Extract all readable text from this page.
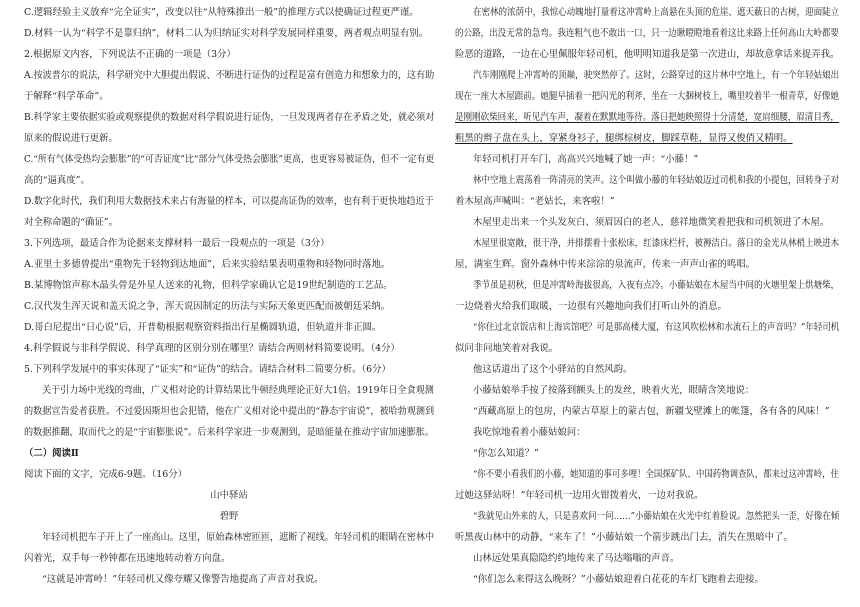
C.逻辑经验主义放弃“完全证实”，改变以往“从特殊推出一般”的推理方式以使确证过程更严谨。
D.材料一认为“科学不是靠归纳”，材料二认为归纳证实对科学发展同样重要，两者观点明显有别。
2.根据原文内容，下列说法不正确的一项是（3分）
A.按波普尔的说法，科学研究中大胆提出假说、不断进行证伪的过程是富有创造力和想象力的，这有助
于解释“科学革命”。
B.科学家主要依据实验或观察提供的数据对科学假说进行证伪，一旦发现两者存在矛盾之处，就必须对
原来的假说进行更新。
C.“所有气体受热均会膨胀”的“可否证度”比“部分气体受热会膨胀”更高，也更容易被证伪，但不一定有更
高的“逼真度”。
D.数字化时代，我们利用大数据技术来占有海量的样本，可以提高证伪的效率，也有利于更快地趋近于
对全称命题的“确证”。
3.下列选项，最适合作为论据来支撑材料一最后一段观点的一项是（3分）
A.亚里士多德曾提出“重物先于轻物到达地面”，后来实验结果表明重物和轻物同时落地。
B.某博物馆声称木晶头骨是外星人送来的礼物，但科学家确认它是19世纪制造的工艺品。
C.汉代发生浑天说和盖天说之争，浑天说因制定的历法与实际天象更匹配而被朝廷采纳。
D.哥白尼提出“日心说”后，开普勒根据观察资料指出行星椭圆轨道，但轨道并非正圆。
4.科学假说与非科学假说、科学真理的区别分别在哪里？请结合两则材料简要说明。（4分）
5.下列科学发展中的事实体现了“证实”和“证伪”的结合。请结合材料二简要分析。（6分）
关于引力场中光线的弯曲，广义相对论的计算结果比牛顿经典理论正好大1倍。1919年日全食观测
的数据宣告爱者获胜。不过爱因斯坦也会犯错，他在广义相对论中提出的“静态宇宙说”，被哈勃观测到
的数据推翻，取而代之的是“宇宙膨胀说”。后来科学家进一步观测到，是暗能量在推动宇宙加速膨胀。
（二）阅读Ⅱ
阅读下面的文字，完成6-9题。（16分）
山中驿站
碧野
年轻司机把车子开上了一座高山。这里，原始森林密匝匝，遮断了视线。年轻司机的眼睛在密林中
闪着光，双手每一秒钟都在迅速地转动着方向盘。
“这就是冲霄岭！”年轻司机又像夸耀又像警告地提高了声音对我说。
在密林的浓荫中，我惊心动魄地打量着这冲霄岭上高悬在头顶的危崖、遮天蔽日的古树，迎面陡立
的公路，出没无常的急弯。我连粗气也不敢出一口，只一边瞅瞪瞪地看着这比来路上任何高山大岭都要
险恶的道路，一边在心里佩服年轻司机，他明明知道我是第一次进山，却故意拿话来捉弄我。
汽车刚刚爬上冲霄岭的顶巅，驶突然停了。这时，公路穿过的这片林中空地上，有一个年轻姑娘出
现在一座大木屋跟前。她腿早插着一把闪光的利斧，坐在一大捆树枝上，嘴里咬着半一根青草，好像她
是刚刚砍柴回来，听见汽车声，凝着在默默地等待。落日把她映照得十分清楚，宽肩细腰，眉清目秀，
粗黑的辫子盘在头上，穿紧身衫子，腿绑棕树皮，脚踩草鞋，显得又俊俏又精明。
年轻司机打开车门，高高兴兴地喊了她一声：“小藤！”
林中空地上震荡着一阵清亮的笑声。这个叫做小藤的年轻姑娘迈过司机和我的小提包，回转身子对
着木屋高声喊叫：“老姑长，来客啦！”
木屋里走出来一个头发灰白、须眉因白的老人，慈祥地微笑着把我和司机领进了木屋。
木屋里很宽敞，很干净，并排摆着十张松床，红漆床栏杆，被褥洁白。落日的金光从林梢上映进木
屋，满室生辉。窗外森林中传来淙淙的泉流声，传来一声声山雀的鸣唱。
季节虽是初秋，但是冲霄岭海拔很高，入夜有点冷。小藤姑娘在木屋当中间的火塘里架上烘塘柴，
一边烧着火给我们取暖，一边很有兴趣地向我们打听山外的消息。
“你住过北京饭店和上海宾馆吧？可是那高楼大厦，有这风吹松林和水流石上的声音吗？”年轻司机
似问非问地笑着对我说。
他这话道出了这个小驿站的自然风韵。
小藤姑娘举手按了按落到额头上的发丝，映着火光，眼睛含笑地说：
“西藏高原上的包房，内蒙古草原上的蒙古包，新疆戈壁滩上的帐篷，各有各的风味！”
我吃惊地看着小藤姑娘问：
“你怎么知道？”
“你不要小看我们的小藤，她知道的事可多哩！全国探矿队、中国药物调查队，都来过这冲霄岭，住
过她这驿站呀！”年轻司机一边用火钳拨着火，一边对我说。
“我就见山外来的人，只是喜欢问一问……”小藤姑娘在火光中红着脸说。忽然把头一歪，好像在倾
听黑夜山林中的动静，“来车了！”小藤姑娘一个箭步跳出门去，消失在黑暗中了。
山林远处果真隐隐约约地传来了马达嗡嗡的声音。
“你们怎么来得这么晚呀？”小藤姑娘迎着白花花的车灯飞跑着去迎接。
